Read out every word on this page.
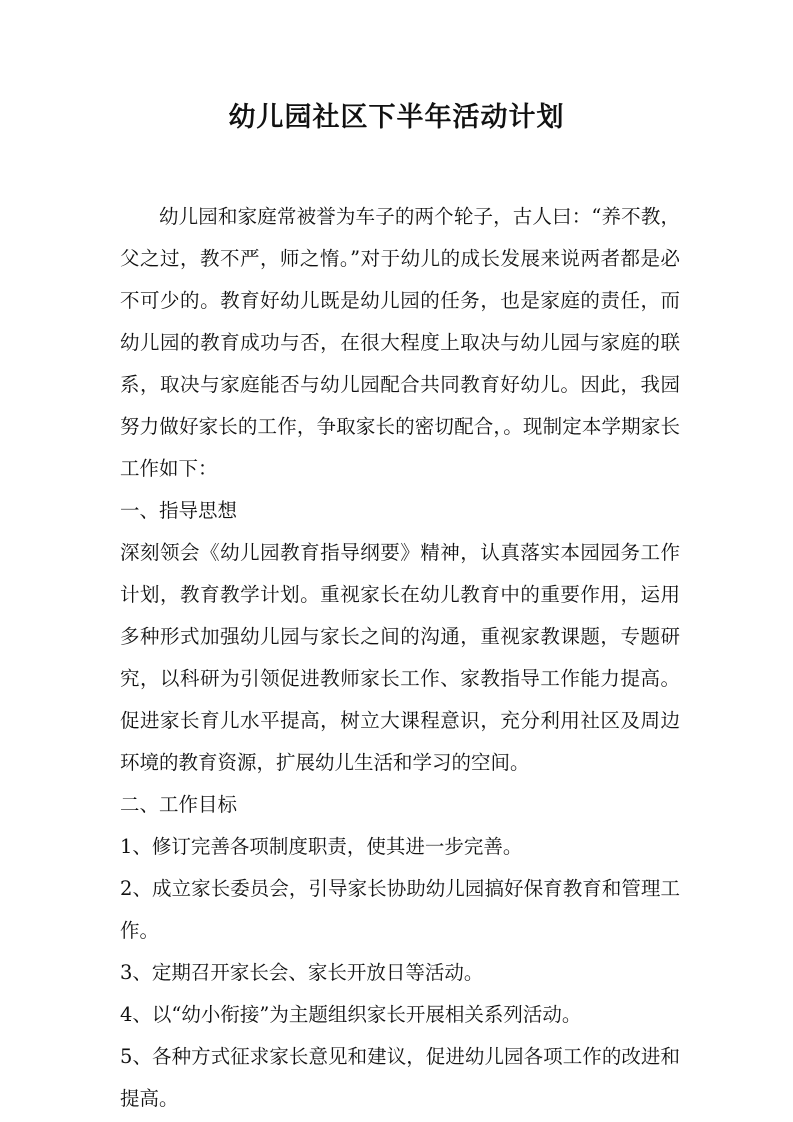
幼儿园社区下半年活动计划

幼儿园和家庭常被誉为车子的两个轮子，古人曰：“养不教，父之过，教不严，师之惰。”对于幼儿的成长发展来说两者都是必不可少的。教育好幼儿既是幼儿园的任务，也是家庭的责任，而幼儿园的教育成功与否，在很大程度上取决与幼儿园与家庭的联系，取决与家庭能否与幼儿园配合共同教育好幼儿。因此，我园努力做好家长的工作，争取家长的密切配合，。现制定本学期家长工作如下：

一、指导思想

深刻领会《幼儿园教育指导纲要》精神，认真落实本园园务工作计划，教育教学计划。重视家长在幼儿教育中的重要作用，运用多种形式加强幼儿园与家长之间的沟通，重视家教课题，专题研究，以科研为引领促进教师家长工作、家教指导工作能力提高。促进家长育儿水平提高，树立大课程意识，充分利用社区及周边环境的教育资源，扩展幼儿生活和学习的空间。

二、工作目标

1、修订完善各项制度职责，使其进一步完善。

2、成立家长委员会，引导家长协助幼儿园搞好保育教育和管理工作。

3、定期召开家长会、家长开放日等活动。

4、以“幼小衔接”为主题组织家长开展相关系列活动。

5、各种方式征求家长意见和建议，促进幼儿园各项工作的改进和提高。
